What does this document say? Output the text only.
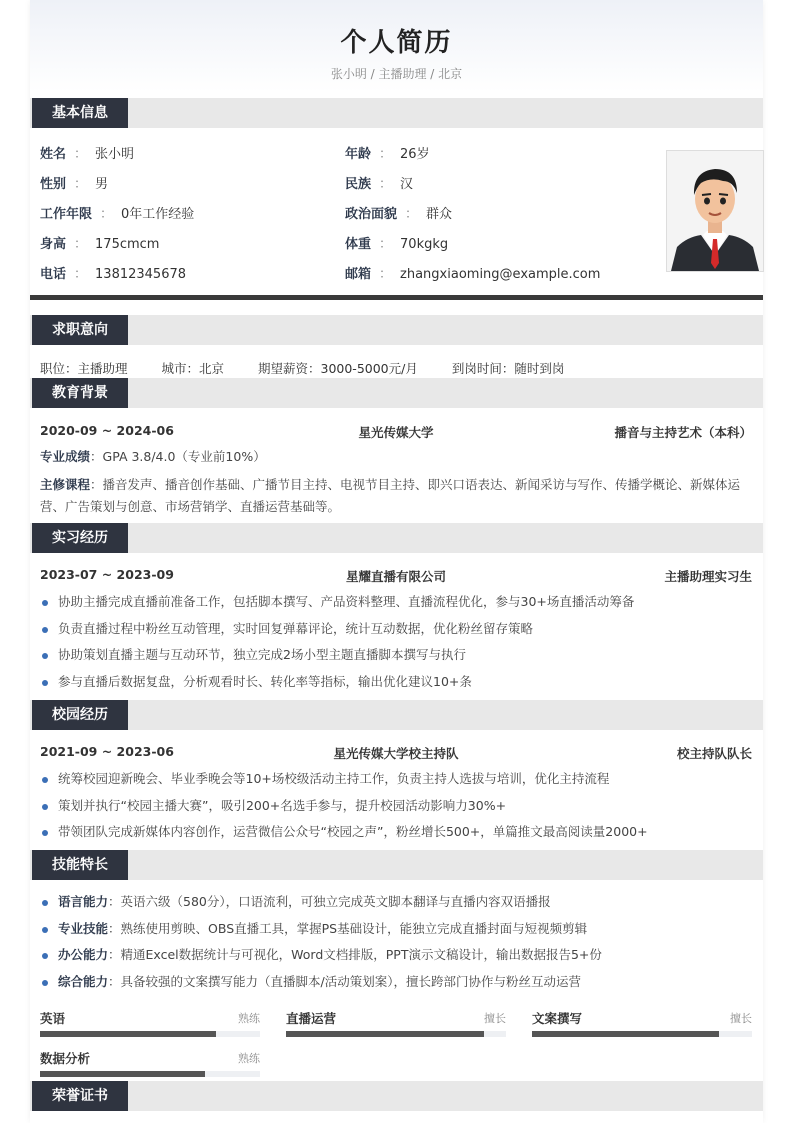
个人简历
张小明 / 主播助理 / 北京
基本信息
姓名 ： 张小明
性别 ： 男
工作年限 ： 0年工作经验
身高 ： 175cmcm
电话 ： 13812345678
年龄 ： 26岁
民族 ： 汉
政治面貌 ： 群众
体重 ： 70kgkg
邮箱 ： zhangxiaoming@example.com
求职意向
职位：主播助理	城市：北京	期望薪资：3000-5000元/月	到岗时间：随时到岗
教育背景
2020-09 ~ 2024-06	星光传媒大学	播音与主持艺术（本科）
专业成绩：GPA 3.8/4.0（专业前10%）
主修课程：播音发声、播音创作基础、广播节目主持、电视节目主持、即兴口语表达、新闻采访与写作、传播学概论、新媒体运营、广告策划与创意、市场营销学、直播运营基础等。
实习经历
2023-07 ~ 2023-09	星耀直播有限公司	主播助理实习生
协助主播完成直播前准备工作，包括脚本撰写、产品资料整理、直播流程优化，参与30+场直播活动筹备
负责直播过程中粉丝互动管理，实时回复弹幕评论，统计互动数据，优化粉丝留存策略
协助策划直播主题与互动环节，独立完成2场小型主题直播脚本撰写与执行
参与直播后数据复盘，分析观看时长、转化率等指标，输出优化建议10+条
校园经历
2021-09 ~ 2023-06	星光传媒大学校主持队	校主持队队长
统筹校园迎新晚会、毕业季晚会等10+场校级活动主持工作，负责主持人选拔与培训，优化主持流程
策划并执行“校园主播大赛”，吸引200+名选手参与，提升校园活动影响力30%+
带领团队完成新媒体内容创作，运营微信公众号“校园之声”，粉丝增长500+，单篇推文最高阅读量2000+
技能特长
语言能力：英语六级（580分），口语流利，可独立完成英文脚本翻译与直播内容双语播报
专业技能：熟练使用剪映、OBS直播工具，掌握PS基础设计，能独立完成直播封面与短视频剪辑
办公能力：精通Excel数据统计与可视化，Word文档排版，PPT演示文稿设计，输出数据报告5+份
综合能力：具备较强的文案撰写能力（直播脚本/活动策划案），擅长跨部门协作与粉丝互动运营
英语	熟练 直播运营	擅长 文案撰写	擅长
数据分析	熟练
荣誉证书
